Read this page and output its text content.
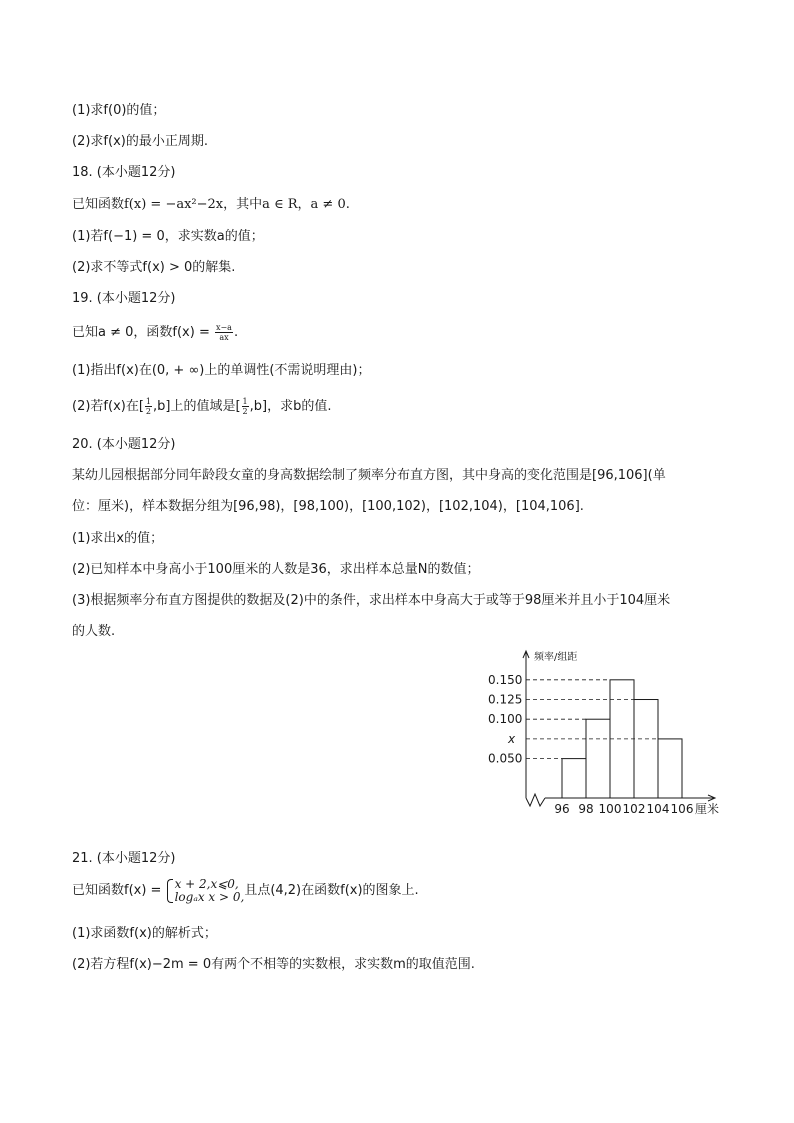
(1)求f(0)的值；
(2)求f(x)的最小正周期.
18. (本小题12分)
已知函数f(x) = −ax²−2x，其中a ∈ R，a ≠ 0.
(1)若f(−1) = 0，求实数a的值；
(2)求不等式f(x) > 0的解集.
19. (本小题12分)
已知a ≠ 0，函数$f(x) = \frac{x-a}{ax}$ .
(1)指出f(x)在(0, + ∞)上的单调性(不需说明理由)；
(2)若f(x)在[ $\frac{1}{2} ,b$]上的值域是[ $\frac{1}{2} ,b$]，求b的值.
20. (本小题12分)
某幼儿园根据部分同年龄段女童的身高数据绘制了频率分布直方图，其中身高的变化范围是[96,106](单
位：厘米)，样本数据分组为[96,98)，[98,100)，[100,102)，[102,104)，[104,106].
(1)求出x的值；
(2)已知样本中身高小于100厘米的人数是36，求出样本总量N的数值；
(3)根据频率分布直方图提供的数据及(2)中的条件，求出样本中身高大于或等于98厘米并且小于104厘米
的人数.
0.050
x
0.100
0.125
0.150
96 98 100 102 104 106
频率/组距
厘米
21. (本小题12分)
已知函数f(x) = x + 2,x⩽0,
logₐx x > 0, 且点(4,2)在函数f(x)的图象上.
(1)求函数f(x)的解析式；
(2)若方程f(x)−2m = 0有两个不相等的实数根，求实数m的取值范围.
